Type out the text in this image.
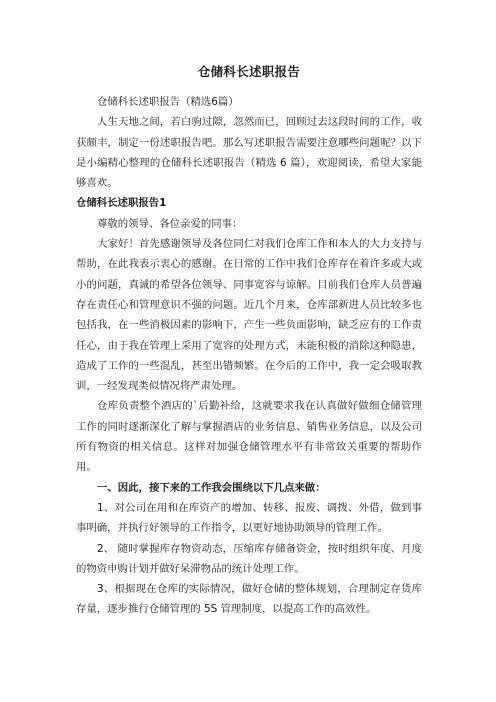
仓储科长述职报告

仓储科长述职报告（精选6篇）

人生天地之间，若白驹过隙，忽然而已，回顾过去这段时间的工作，收获颇丰，制定一份述职报告吧。那么写述职报告需要注意哪些问题呢？以下是小编精心整理的仓储科长述职报告（精选 6 篇），欢迎阅读，希望大家能够喜欢。

仓储科长述职报告1

尊敬的领导、各位亲爱的同事：

大家好！首先感谢领导及各位同仁对我们仓库工作和本人的大力支持与帮助，在此我表示衷心的感谢。在日常的工作中我们仓库存在着许多或大或小的问题，真诚的希望各位领导、同事宽容与谅解。目前我们仓库人员普遍存在责任心和管理意识不强的问题。近几个月来，仓库部新进人员比较多也包括我，在一些消极因素的影响下，产生一些负面影响，缺乏应有的工作责任心，由于我在管理上采用了宽容的处理方式，未能积极的消除这种隐患，造成了工作的一些混乱，甚至出错频繁。在今后的工作中，我一定会吸取教训，一经发现类似情况将严肃处理。

仓库负责整个酒店的`后勤补给，这就要求我在认真做好做细仓储管理工作的同时逐渐深化了解与掌握酒店的业务信息、销售业务信息，以及公司所有物资的相关信息。这样对加强仓储管理水平有非常致关重要的帮助作用。

一、因此，接下来的工作我会围绕以下几点来做：

1、对公司在用和在库资产的增加、转移、报废、调拨、外借，做到事事明确，并执行好领导的工作指令，以更好地协助领导的管理工作。

2、 随时掌握库存物资动态，压缩库存储备资金，按时组织年度、月度的物资申购计划并做好呆滞物品的统计处理工作。

3、根据现在仓库的实际情况，做好仓储的整体规划，合理制定存货库存量，逐步推行仓储管理的 5S 管理制度，以提高工作的高效性。
